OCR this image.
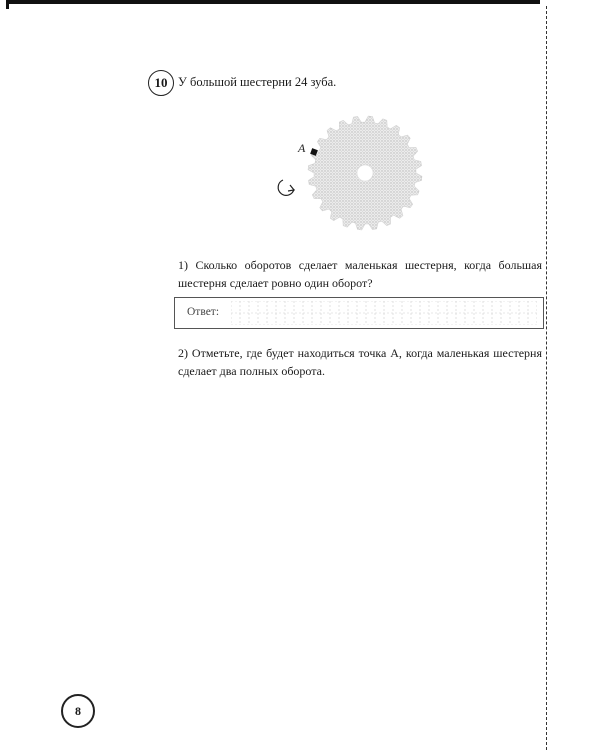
10 У большой шестерни 24 зуба.
A
1) Сколько оборотов сделает маленькая шестерня, когда большая шестерня сделает ровно один оборот?
Ответ:
2) Отметьте, где будет находиться точка A, когда маленькая шестерня сделает два полных оборота.
8
